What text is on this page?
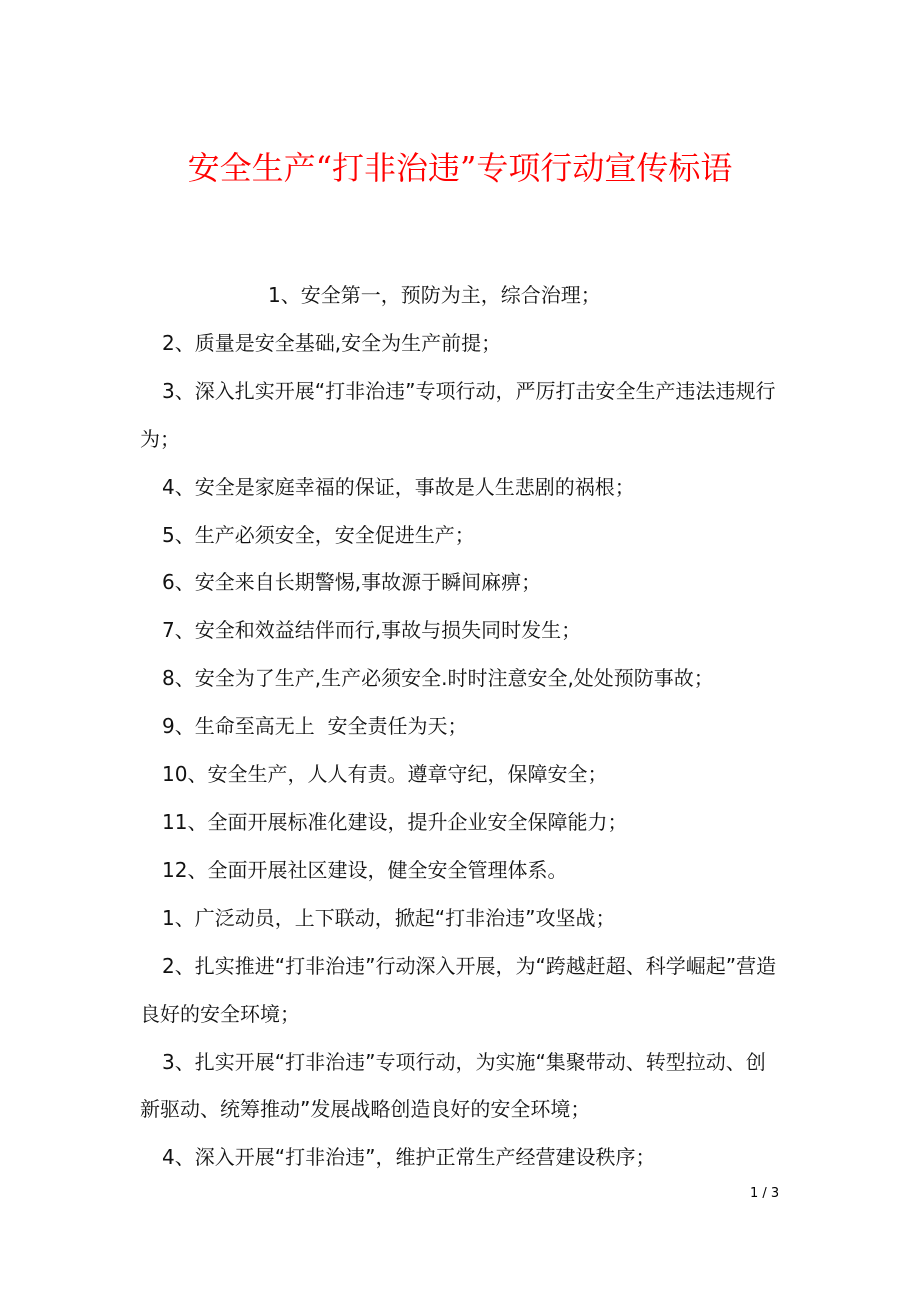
安全生产“打非治违”专项行动宣传标语

1、安全第一，预防为主，综合治理；

2、质量是安全基础,安全为生产前提；

3、深入扎实开展“打非治违”专项行动，严厉打击安全生产违法违规行为；

4、安全是家庭幸福的保证，事故是人生悲剧的祸根；

5、生产必须安全，安全促进生产；

6、安全来自长期警惕,事故源于瞬间麻痹；

7、安全和效益结伴而行,事故与损失同时发生；

8、安全为了生产,生产必须安全.时时注意安全,处处预防事故；

9、生命至高无上  安全责任为天；

10、安全生产，人人有责。遵章守纪，保障安全；

11、全面开展标准化建设，提升企业安全保障能力；

12、全面开展社区建设，健全安全管理体系。

1、广泛动员，上下联动，掀起“打非治违”攻坚战；

2、扎实推进“打非治违”行动深入开展，为“跨越赶超、科学崛起”营造良好的安全环境；

3、扎实开展“打非治违”专项行动，为实施“集聚带动、转型拉动、创新驱动、统筹推动”发展战略创造良好的安全环境；

4、深入开展“打非治违”，维护正常生产经营建设秩序；

1 / 3
